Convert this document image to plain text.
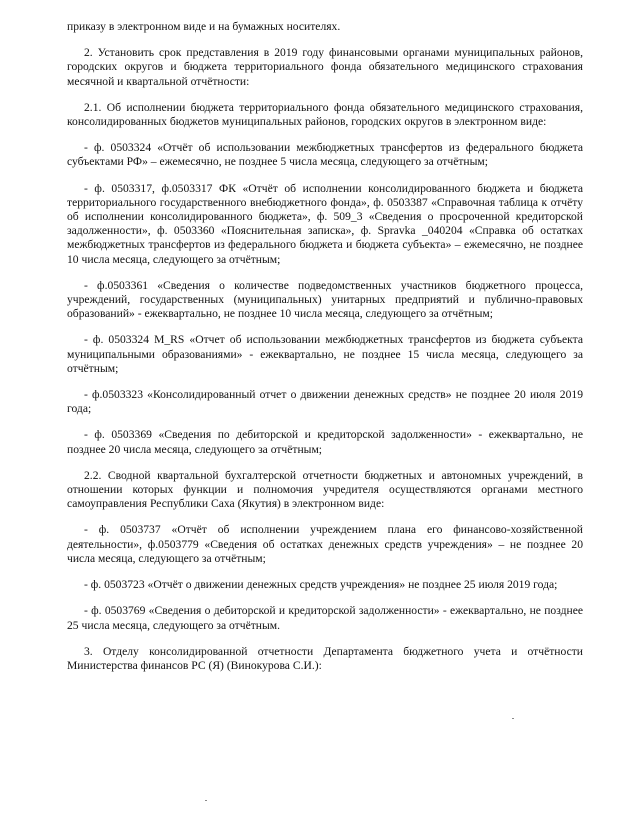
приказу в электронном виде и на бумажных носителях.

2. Установить срок представления в 2019 году финансовыми органами муниципальных районов, городских округов и бюджета территориального фонда обязательного медицинского страхования месячной и квартальной отчётности:

2.1. Об исполнении бюджета территориального фонда обязательного медицинского страхования, консолидированных бюджетов муниципальных районов, городских округов в электронном виде:

- ф. 0503324 «Отчёт об использовании межбюджетных трансфертов из федерального бюджета субъектами РФ» – ежемесячно, не позднее 5 числа месяца, следующего за отчётным;

- ф. 0503317, ф.0503317 ФК «Отчёт об исполнении консолидированного бюджета и бюджета территориального государственного внебюджетного фонда», ф. 0503387 «Справочная таблица к отчёту об исполнении консолидированного бюджета», ф. 509_3 «Сведения о просроченной кредиторской задолженности», ф. 0503360 «Пояснительная записка», ф. Spravka _040204 «Справка об остатках межбюджетных трансфертов из федерального бюджета и бюджета субъекта» – ежемесячно, не позднее 10 числа месяца, следующего за отчётным;

- ф.0503361 «Сведения о количестве подведомственных участников бюджетного процесса, учреждений, государственных (муниципальных) унитарных предприятий и публично-правовых образований» - ежеквартально, не позднее 10 числа месяца, следующего за отчётным;

- ф. 0503324 M_RS «Отчет об использовании межбюджетных трансфертов из бюджета субъекта муниципальными образованиями» - ежеквартально, не позднее 15 числа месяца, следующего за отчётным;

- ф.0503323 «Консолидированный отчет о движении денежных средств» не позднее 20 июля 2019 года;

- ф. 0503369 «Сведения по дебиторской и кредиторской задолженности» - ежеквартально, не позднее 20 числа месяца, следующего за отчётным;

2.2. Сводной квартальной бухгалтерской отчетности бюджетных и автономных учреждений, в отношении которых функции и полномочия учредителя осуществляются органами местного самоуправления Республики Саха (Якутия) в электронном виде:

- ф. 0503737 «Отчёт об исполнении учреждением плана его финансово-хозяйственной деятельности», ф.0503779 «Сведения об остатках денежных средств учреждения» – не позднее 20 числа месяца, следующего за отчётным;

- ф. 0503723 «Отчёт о движении денежных средств учреждения» не позднее 25 июля 2019 года;

- ф. 0503769 «Сведения о дебиторской и кредиторской задолженности» - ежеквартально, не позднее 25 числа месяца, следующего за отчётным.

3. Отделу консолидированной отчетности Департамента бюджетного учета и отчётности Министерства финансов РС (Я) (Винокурова С.И.):
